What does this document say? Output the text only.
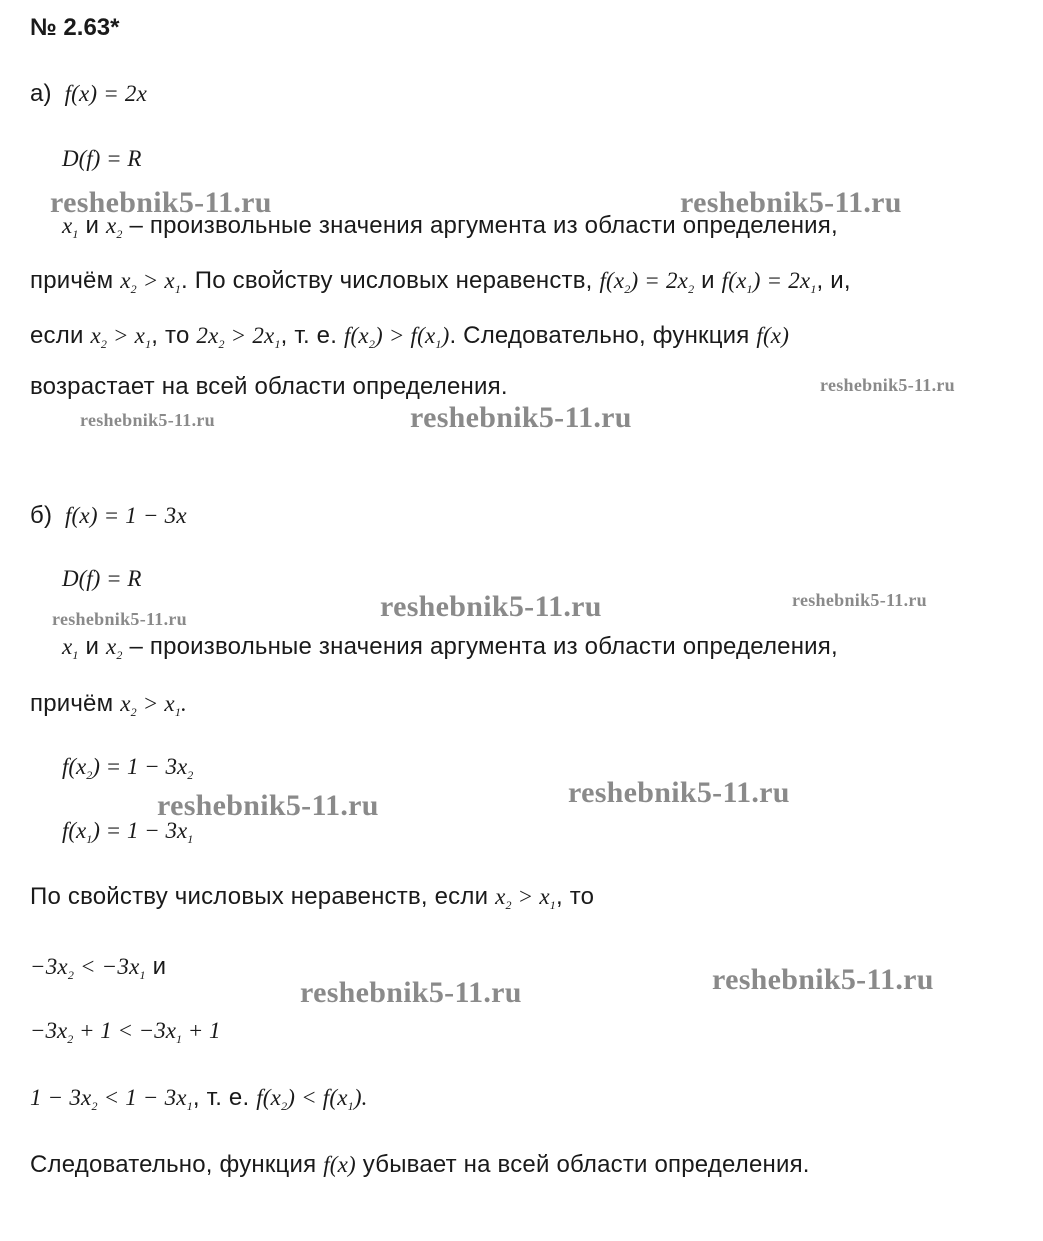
№ 2.63*
а)  f(x) = 2x
D(f) = R
$x_1$ и $x_2$ – произвольные значения аргумента из области определения,
причём $x_2 > x_1$. По свойству числовых неравенств, $f(x_2) = 2x_2$ и $f(x_1) = 2x_1$, и,
если $x_2 > x_1$, то $2x_2 > 2x_1$, т. е. $f(x_2) > f(x_1)$. Следовательно, функция f(x)
возрастает на всей области определения.
б)  f(x) = 1 − 3x
D(f) = R
$x_1$ и $x_2$ – произвольные значения аргумента из области определения,
причём $x_2 > x_1$.
$f(x_2) = 1 - 3x_2$
$f(x_1) = 1 - 3x_1$
По свойству числовых неравенств, если $x_2 > x_1$, то
$-3x_2 < -3x_1$ и
$-3x_2 + 1 < -3x_1 + 1$
$1 - 3x_2 < 1 - 3x_1$, т. е. $f(x_2) < f(x_1)$.
Следовательно, функция f(x) убывает на всей области определения.
reshebnik5-11.ru	reshebnik5-11.ru
reshebnik5-11.ru
reshebnik5-11.ru	reshebnik5-11.ru
reshebnik5-11.ru	reshebnik5-11.ru
reshebnik5-11.ru
reshebnik5-11.ru
reshebnik5-11.ru
reshebnik5-11.ru
reshebnik5-11.ru
